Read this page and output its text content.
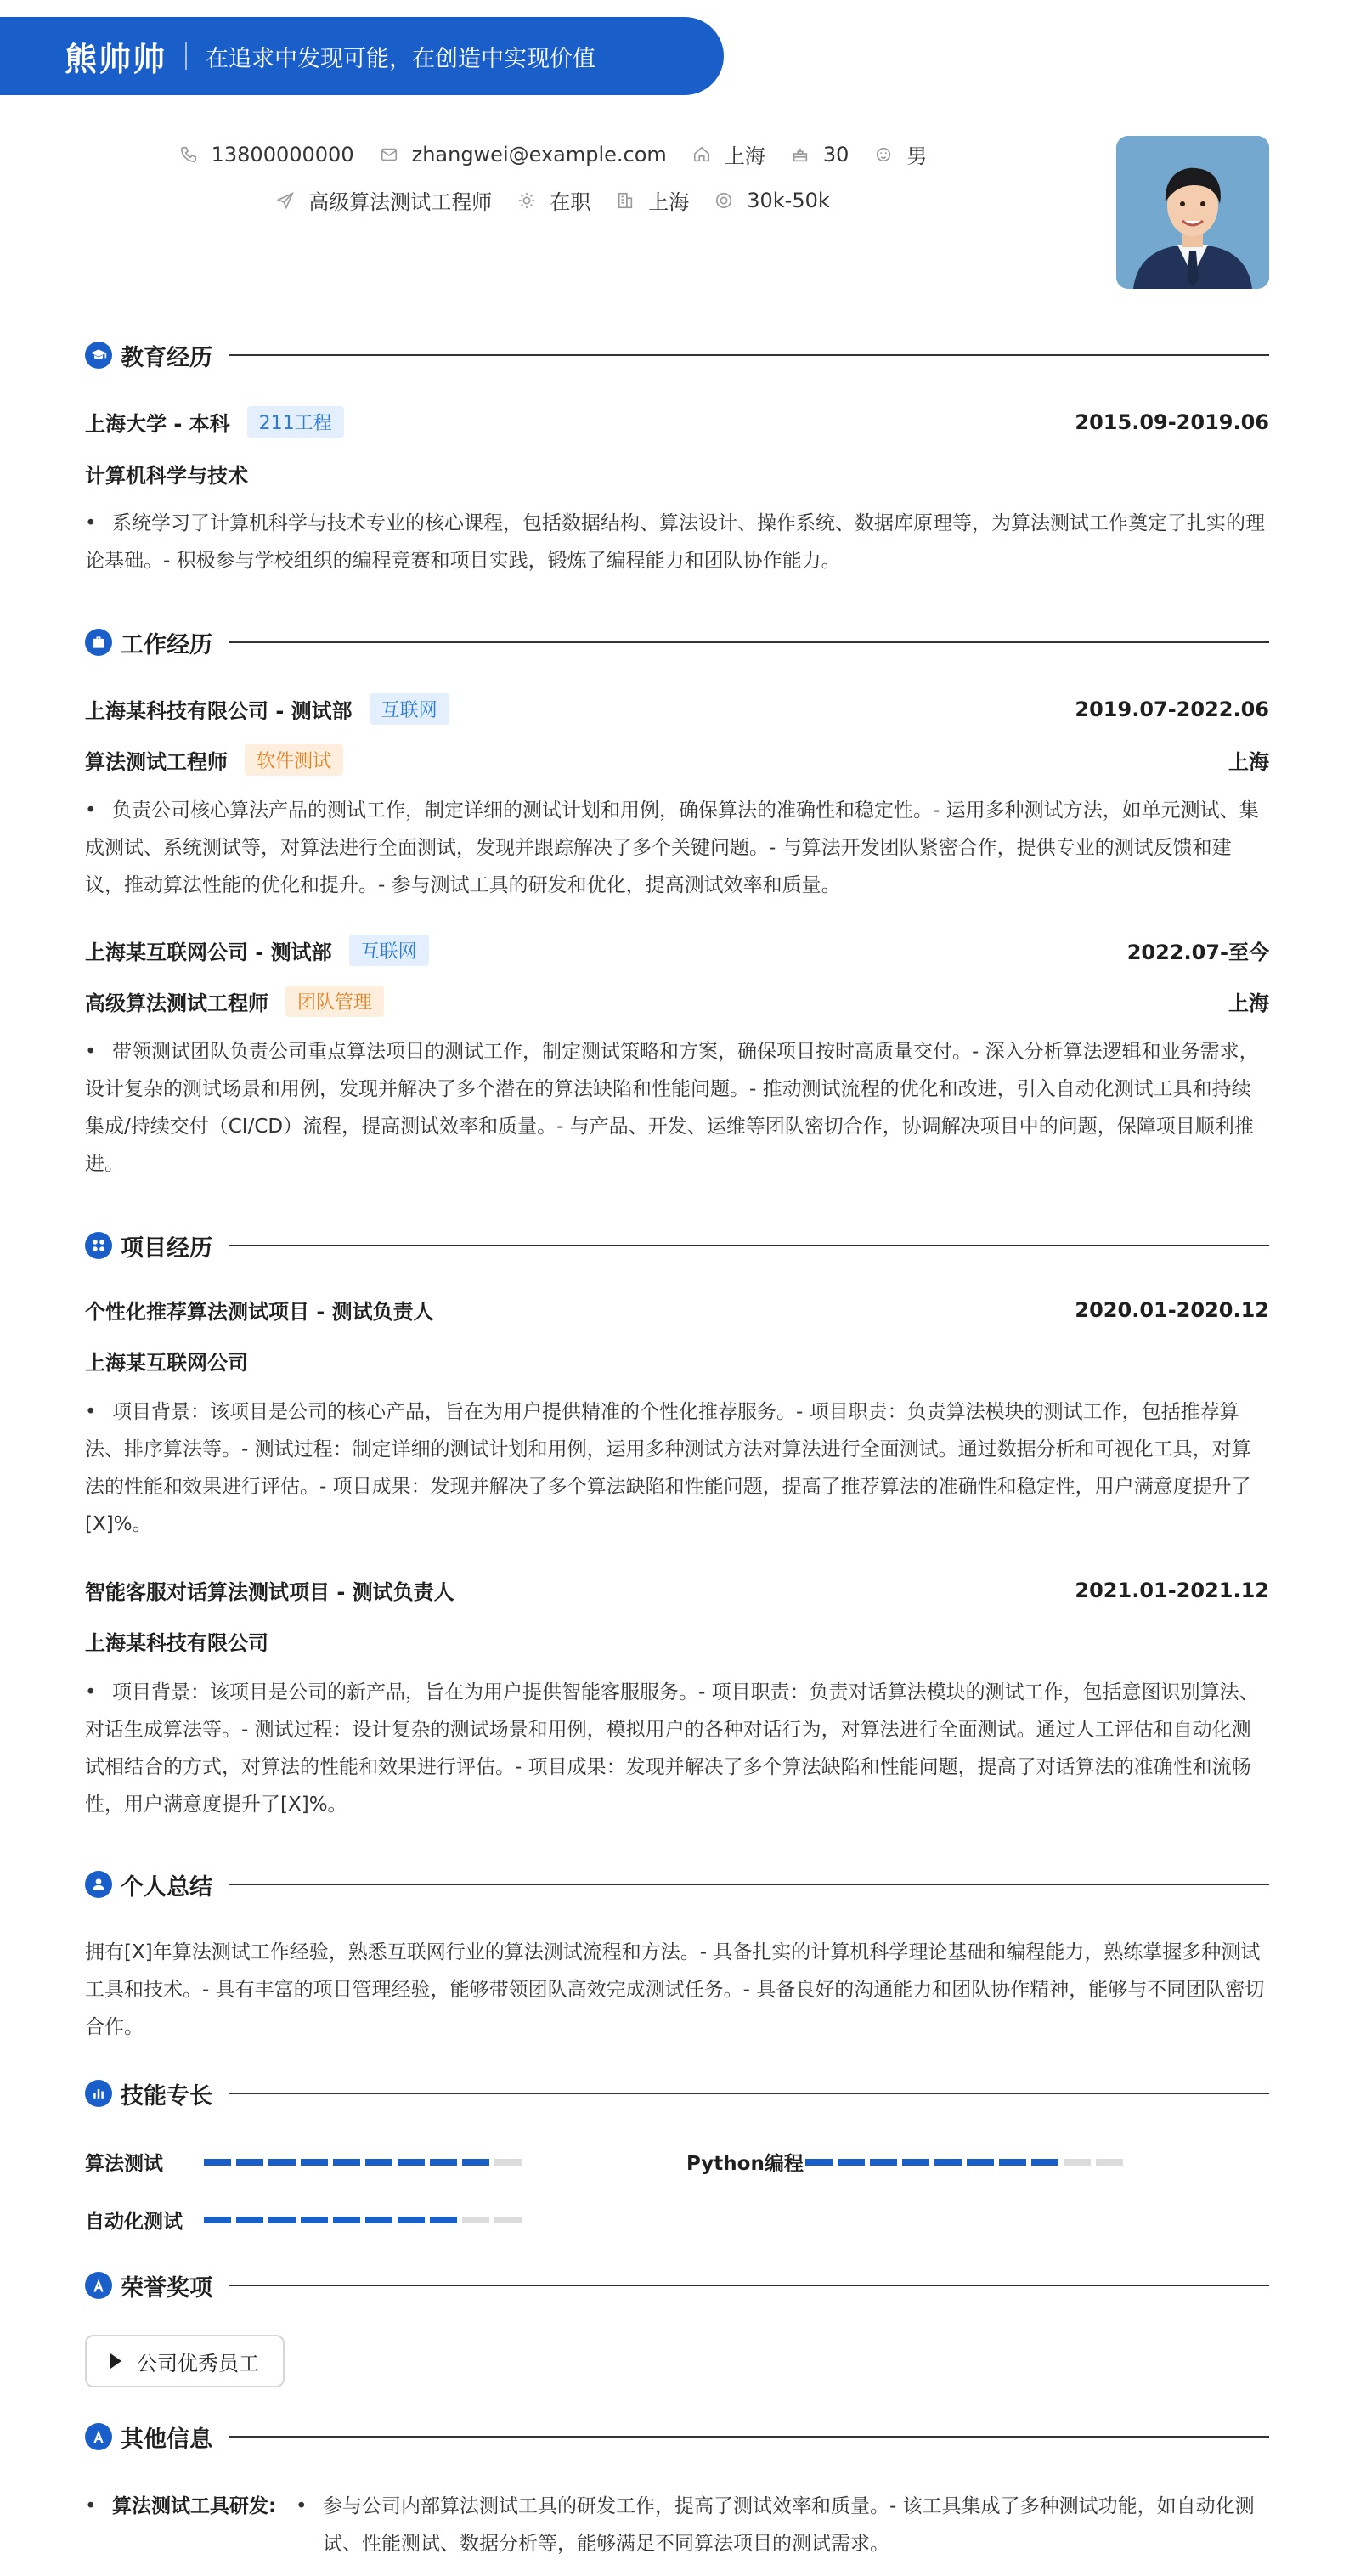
熊帅帅 在追求中发现可能，在创造中实现价值
13800000000	zhangwei@example.com	上海	30	男
高级算法测试工程师	在职	上海	30k-50k
教育经历
上海大学 - 本科	211工程	2015.09-2019.06
计算机科学与技术
• 系统学习了计算机科学与技术专业的核心课程，包括数据结构、算法设计、操作系统、数据库原理等，为算法测试工作奠定了扎实的理论基础。- 积极参与学校组织的编程竞赛和项目实践，锻炼了编程能力和团队协作能力。
工作经历
上海某科技有限公司 - 测试部	互联网	2019.07-2022.06
算法测试工程师	软件测试	上海
• 负责公司核心算法产品的测试工作，制定详细的测试计划和用例，确保算法的准确性和稳定性。- 运用多种测试方法，如单元测试、集成测试、系统测试等，对算法进行全面测试，发现并跟踪解决了多个关键问题。- 与算法开发团队紧密合作，提供专业的测试反馈和建议，推动算法性能的优化和提升。- 参与测试工具的研发和优化，提高测试效率和质量。
上海某互联网公司 - 测试部	互联网	2022.07-至今
高级算法测试工程师	团队管理	上海
• 带领测试团队负责公司重点算法项目的测试工作，制定测试策略和方案，确保项目按时高质量交付。- 深入分析算法逻辑和业务需求，设计复杂的测试场景和用例，发现并解决了多个潜在的算法缺陷和性能问题。- 推动测试流程的优化和改进，引入自动化测试工具和持续集成/持续交付（CI/CD）流程，提高测试效率和质量。- 与产品、开发、运维等团队密切合作，协调解决项目中的问题，保障项目顺利推进。
项目经历
个性化推荐算法测试项目 - 测试负责人	2020.01-2020.12
上海某互联网公司
• 项目背景：该项目是公司的核心产品，旨在为用户提供精准的个性化推荐服务。- 项目职责：负责算法模块的测试工作，包括推荐算法、排序算法等。- 测试过程：制定详细的测试计划和用例，运用多种测试方法对算法进行全面测试。通过数据分析和可视化工具，对算法的性能和效果进行评估。- 项目成果：发现并解决了多个算法缺陷和性能问题，提高了推荐算法的准确性和稳定性，用户满意度提升了[X]%。
智能客服对话算法测试项目 - 测试负责人	2021.01-2021.12
上海某科技有限公司
• 项目背景：该项目是公司的新产品，旨在为用户提供智能客服服务。- 项目职责：负责对话算法模块的测试工作，包括意图识别算法、对话生成算法等。- 测试过程：设计复杂的测试场景和用例，模拟用户的各种对话行为，对算法进行全面测试。通过人工评估和自动化测试相结合的方式，对算法的性能和效果进行评估。- 项目成果：发现并解决了多个算法缺陷和性能问题，提高了对话算法的准确性和流畅性，用户满意度提升了[X]%。
个人总结
拥有[X]年算法测试工作经验，熟悉互联网行业的算法测试流程和方法。- 具备扎实的计算机科学理论基础和编程能力，熟练掌握多种测试工具和技术。- 具有丰富的项目管理经验，能够带领团队高效完成测试任务。- 具备良好的沟通能力和团队协作精神，能够与不同团队密切合作。
技能专长
算法测试	Python编程
自动化测试
荣誉奖项
公司优秀员工
其他信息
• 算法测试工具研发: • 参与公司内部算法测试工具的研发工作，提高了测试效率和质量。- 该工具集成了多种测试功能，如自动化测试、性能测试、数据分析等，能够满足不同算法项目的测试需求。
